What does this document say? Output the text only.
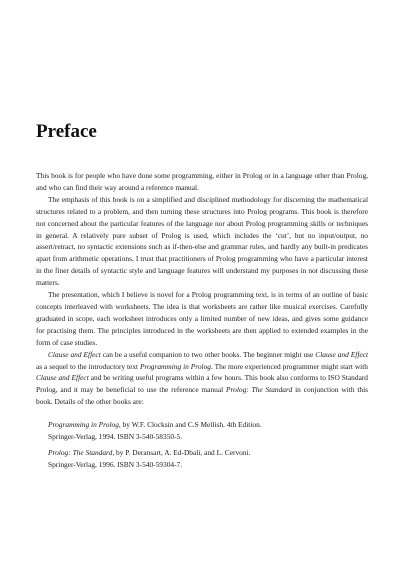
Preface

This book is for people who have done some programming, either in Prolog or in a language other than Prolog, and who can find their way around a reference manual.

The emphasis of this book is on a simplified and disciplined methodology for discerning the mathematical structures related to a problem, and then turning these structures into Prolog programs. This book is therefore not concerned about the particular features of the language nor about Prolog programming skills or techniques in general. A relatively pure subset of Prolog is used, which includes the ‘cut’, but no input/output, no assert/retract, no syntactic extensions such as if-then-else and grammar rules, and hardly any built-in predicates apart from arithmetic operations. I trust that practitioners of Prolog programming who have a particular interest in the finer details of syntactic style and language features will understand my purposes in not discussing these matters.

The presentation, which I believe is novel for a Prolog programming text, is in terms of an outline of basic concepts interleaved with worksheets. The idea is that worksheets are rather like musical exercises. Carefully graduated in scope, each worksheet introduces only a limited number of new ideas, and gives some guidance for practising them. The principles introduced in the worksheets are then applied to extended examples in the form of case studies.

Clause and Effect can be a useful companion to two other books. The beginner might use Clause and Effect as a sequel to the introductory text Programming in Prolog. The more experienced programmer might start with Clause and Effect and be writing useful programs within a few hours. This book also conforms to ISO Standard Prolog, and it may be beneficial to use the reference manual Prolog: The Standard in conjunction with this book. Details of the other books are:

Programming in Prolog, by W.F. Clocksin and C.S Mellish. 4th Edition.
Springer-Verlag, 1994. ISBN 3-540-58350-5.
Prolog: The Standard, by P. Deransart, A. Ed-Dbali, and L. Cervoni.
Springer-Verlag, 1996. ISBN 3-540-59304-7.
